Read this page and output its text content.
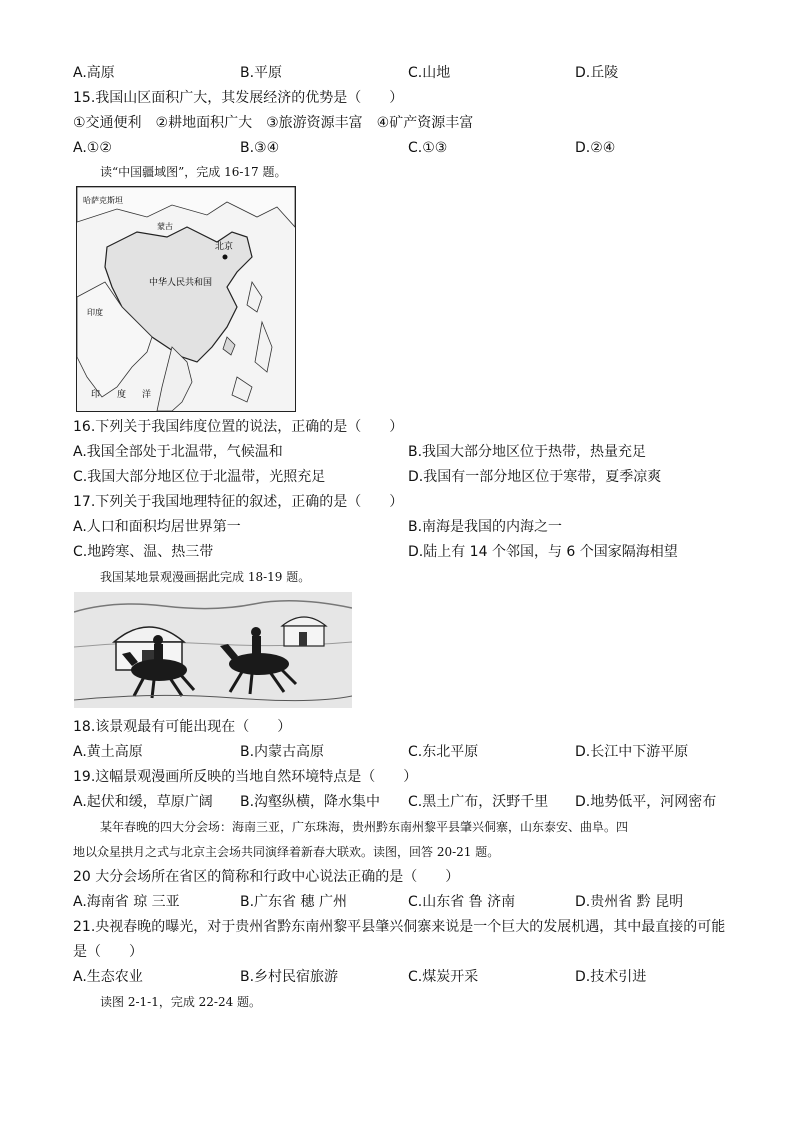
A.高原	B.平原	C.山地	D.丘陵
15.我国山区面积广大，其发展经济的优势是（　　）
①交通便利　②耕地面积广大　③旅游资源丰富　④矿产资源丰富
A.①②	B.③④	C.①③	D.②④
读“中国疆域图”，完成 16-17 题。
哈萨克斯坦
蒙古
北京
中华人民共和国
印度
印 度 洋
16.下列关于我国纬度位置的说法，正确的是（　　）
A.我国全部处于北温带，气候温和	B.我国大部分地区位于热带，热量充足
C.我国大部分地区位于北温带，光照充足	D.我国有一部分地区位于寒带，夏季凉爽
17.下列关于我国地理特征的叙述，正确的是（　　）
A.人口和面积均居世界第一	B.南海是我国的内海之一
C.地跨寒、温、热三带	D.陆上有 14 个邻国，与 6 个国家隔海相望
我国某地景观漫画据此完成 18-19 题。
18.该景观最有可能出现在（　　）
A.黄土高原	B.内蒙古高原	C.东北平原	D.长江中下游平原
19.这幅景观漫画所反映的当地自然环境特点是（　　）
A.起伏和缓，草原广阔 B.沟壑纵横，降水集中 C.黑土广布，沃野千里 D.地势低平，河网密布
某年春晚的四大分会场：海南三亚，广东珠海，贵州黔东南州黎平县肇兴侗寨，山东泰安、曲阜。四
地以众星拱月之式与北京主会场共同演绎着新春大联欢。读图，回答 20-21 题。
20 大分会场所在省区的简称和行政中心说法正确的是（　　）
A.海南省 琼 三亚	B.广东省 穗 广州	C.山东省 鲁 济南	D.贵州省 黔 昆明
21.央视春晚的曝光，对于贵州省黔东南州黎平县肇兴侗寨来说是一个巨大的发展机遇，其中最直接的可能
是（　　）
A.生态农业	B.乡村民宿旅游	C.煤炭开采	D.技术引进
读图 2-1-1，完成 22-24 题。
